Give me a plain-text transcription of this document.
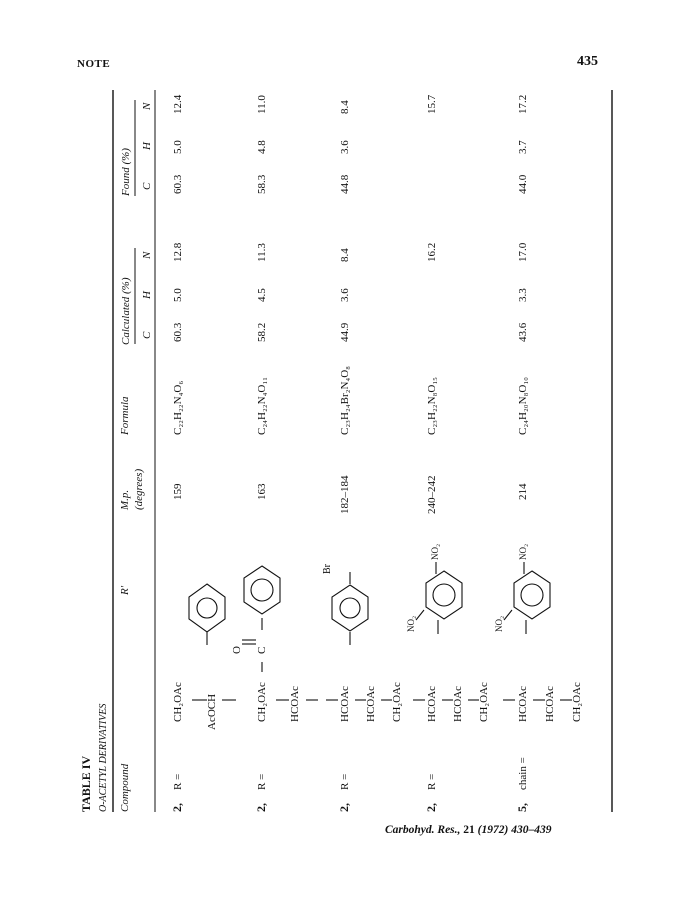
NOTE	435
TABLE IV O-ACETYL DERIVATIVES Compound
R′
M.p. (degrees)
Formula
Calculated (%)
Found (%)
C
H
N
C
H
N
2,
R =
CH₂OAc AcOCH
159
C₂₂H₂₂N₄O₆
60.3
5.0
12.8
60.3
5.0
12.4
2,
R =
CH₂OAc HCOAc
O C
163
C₂₄H₂₂N₄O₁₁
58.2
4.5
11.3
58.3
4.8
11.0
2,
R =
HCOAc HCOAc CH₂OAc
Br
182–184
C₂₃H₂₄Br₂N₄O₈
44.9
3.6
8.4
44.8
3.6
8.4
2,
R =
HCOAc HCOAc CH₂OAc
NO₂
NO₂
240–242
C₂₃H₂₂N₈O₁₅
16.2
15.7
5,
chain =
HCOAc HCOAc CH₂OAc
NO₂
NO₂
214
C₂₄H₂₀N₈O₁₀
43.6
3.3
17.0
44.0
3.7
17.2
Carbohyd. Res., 21 (1972) 430–439
